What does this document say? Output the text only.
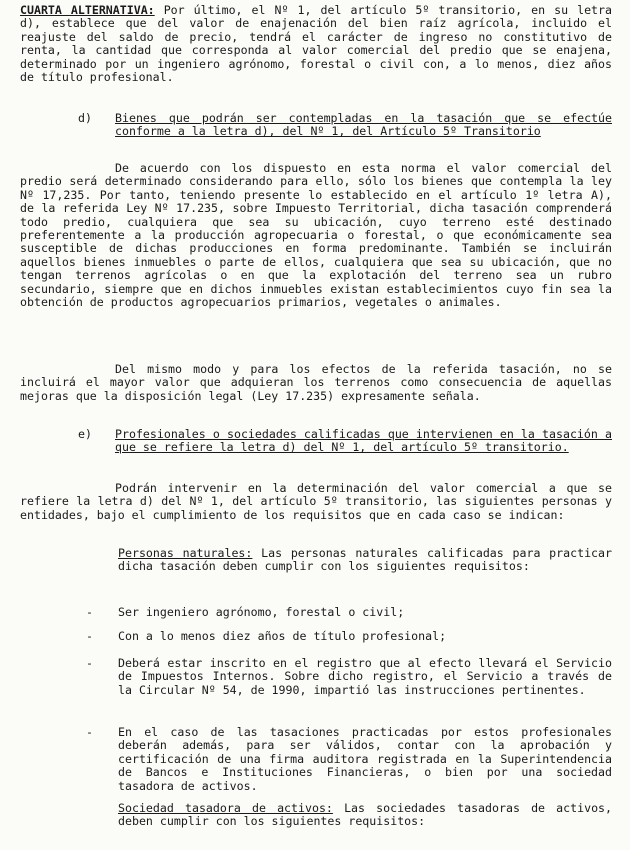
CUARTA ALTERNATIVA: Por último, el Nº 1, del artículo 5º transitorio, en su letra d), establece que del valor de enajenación del bien raíz agrícola, incluido el reajuste del saldo de precio, tendrá el carácter de ingreso no constitutivo de renta, la cantidad que corresponda al valor comercial del predio que se enajena, determinado por un ingeniero agrónomo, forestal o civil con, a lo menos, diez años de título profesional.

d) Bienes que podrán ser contempladas en la tasación que se efectúe conforme a la letra d), del Nº 1, del Artículo 5º Transitorio

De acuerdo con los dispuesto en esta norma el valor comercial del predio será determinado considerando para ello, sólo los bienes que contempla la ley Nº 17,235. Por tanto, teniendo presente lo establecido en el artículo 1º letra A), de la referida Ley Nº 17.235, sobre Impuesto Territorial, dicha tasación comprenderá todo predio, cualquiera que sea su ubicación, cuyo terreno esté destinado preferentemente a la producción agropecuaria o forestal, o que económicamente sea susceptible de dichas producciones en forma predominante. También se incluirán aquellos bienes inmuebles o parte de ellos, cualquiera que sea su ubicación, que no tengan terrenos agrícolas o en que la explotación del terreno sea un rubro secundario, siempre que en dichos inmuebles existan establecimientos cuyo fin sea la obtención de productos agropecuarios primarios, vegetales o animales.

Del mismo modo y para los efectos de la referida tasación, no se incluirá el mayor valor que adquieran los terrenos como consecuencia de aquellas mejoras que la disposición legal (Ley 17.235) expresamente señala.

e) Profesionales o sociedades calificadas que intervienen en la tasación a que se refiere la letra d) del Nº 1, del artículo 5º transitorio.

Podrán intervenir en la determinación del valor comercial a que se refiere la letra d) del Nº 1, del artículo 5º transitorio, las siguientes personas y entidades, bajo el cumplimiento de los requisitos que en cada caso se indican:

Personas naturales: Las personas naturales calificadas para practicar dicha tasación deben cumplir con los siguientes requisitos:

- Ser ingeniero agrónomo, forestal o civil;

- Con a lo menos diez años de título profesional;

- Deberá estar inscrito en el registro que al efecto llevará el Servicio de Impuestos Internos. Sobre dicho registro, el Servicio a través de la Circular Nº 54, de 1990, impartió las instrucciones pertinentes.

- En el caso de las tasaciones practicadas por estos profesionales deberán además, para ser válidos, contar con la aprobación y certificación de una firma auditora registrada en la Superintendencia de Bancos e Instituciones Financieras, o bien por una sociedad tasadora de activos.

Sociedad tasadora de activos: Las sociedades tasadoras de activos, deben cumplir con los siguientes requisitos:
